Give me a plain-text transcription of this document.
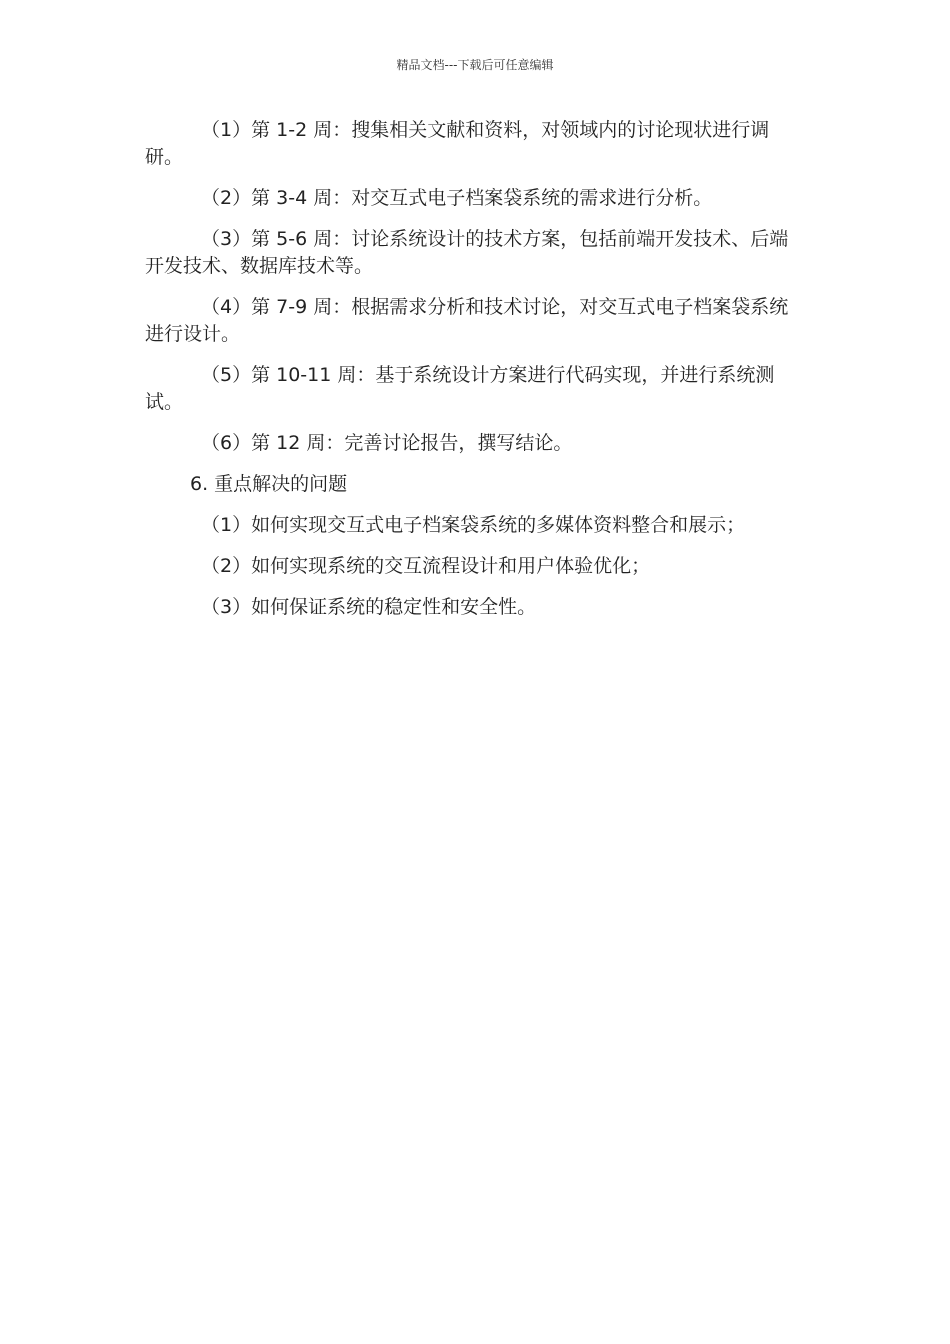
精品文档---下载后可任意编辑

（1）第 1-2 周：搜集相关文献和资料，对领域内的讨论现状进行调研。

（2）第 3-4 周：对交互式电子档案袋系统的需求进行分析。

（3）第 5-6 周：讨论系统设计的技术方案，包括前端开发技术、后端开发技术、数据库技术等。

（4）第 7-9 周：根据需求分析和技术讨论，对交互式电子档案袋系统进行设计。

（5）第 10-11 周：基于系统设计方案进行代码实现，并进行系统测试。

（6）第 12 周：完善讨论报告，撰写结论。

6. 重点解决的问题

（1）如何实现交互式电子档案袋系统的多媒体资料整合和展示；

（2）如何实现系统的交互流程设计和用户体验优化；

（3）如何保证系统的稳定性和安全性。
